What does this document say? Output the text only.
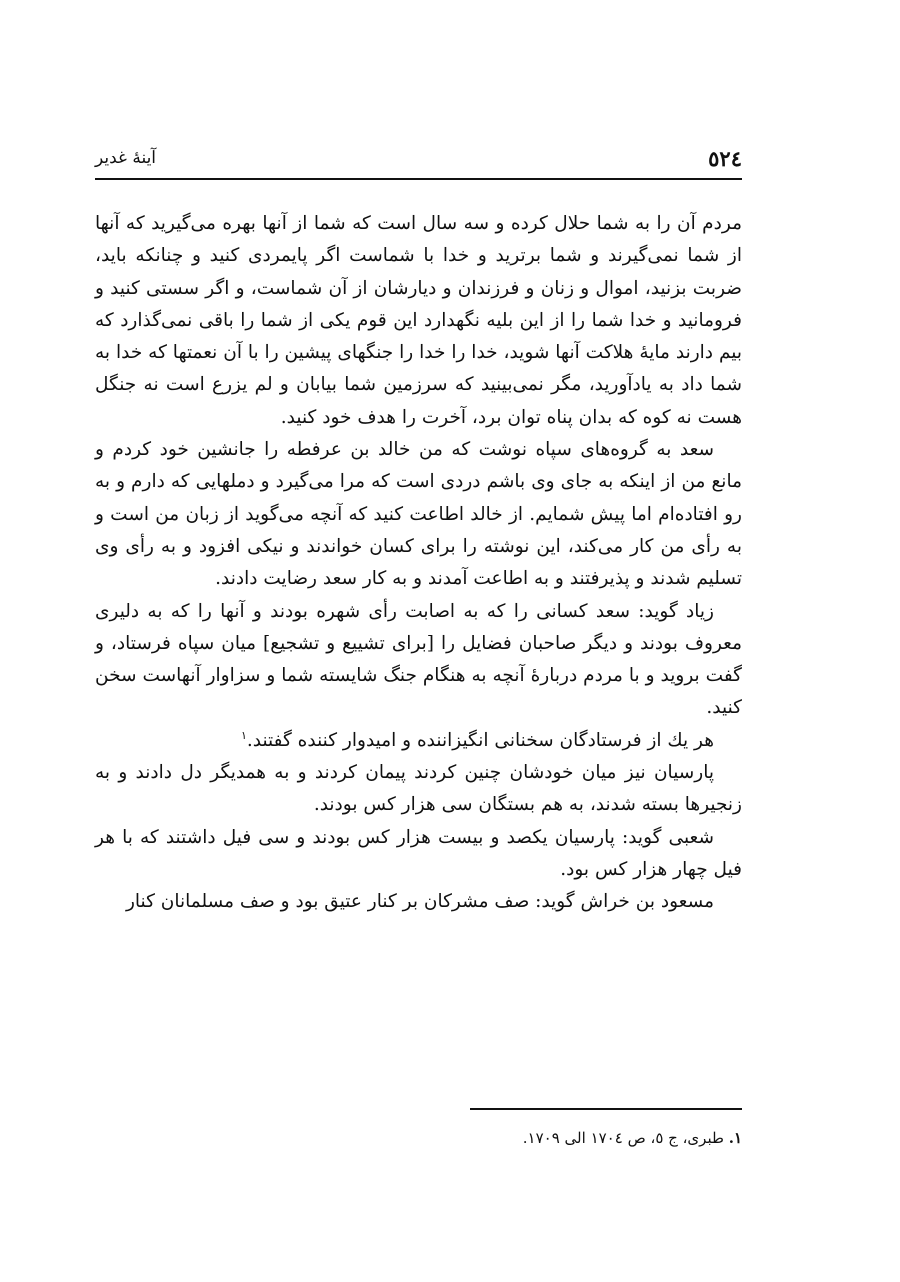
٥٢٤
آينهٔ غدير

مردم آن را به شما حلال كرده و سه سال است كه شما از آنها بهره مى‌گيريد كه آنها از شما نمى‌گيرند و شما برتريد و خدا با شماست اگر پايمردى كنيد و چنانكه بايد، ضربت بزنيد، اموال و زنان و فرزندان و ديارشان از آن شماست، و اگر سستى كنيد و فرومانيد و خدا شما را از اين بليه نگهدارد اين قوم يكى از شما را باقى نمى‌گذارد كه بيم دارند مايهٔ هلاكت آنها شويد، خدا را خدا را جنگهاى پيشين را با آن نعمتها كه خدا به شما داد به يادآوريد، مگر نمى‌بينيد كه سرزمين شما بيابان و لم يزرع است نه جنگل هست نه كوه كه بدان پناه توان برد، آخرت را هدف خود كنيد.

سعد به گروه‌هاى سپاه نوشت كه من خالد بن عرفطه را جانشين خود كردم و مانع من از اينكه به جاى وى باشم دردى است كه مرا مى‌گيرد و دملهايى كه دارم و به رو افتاده‌ام اما پيش شمايم. از خالد اطاعت كنيد كه آنچه مى‌گويد از زبان من است و به رأى من كار مى‌كند، اين نوشته را براى كسان خواندند و نيكى افزود و به رأى وى تسليم شدند و پذيرفتند و به اطاعت آمدند و به كار سعد رضايت دادند.

زياد گويد: سعد كسانى را كه به اصابت رأى شهره بودند و آنها را كه به دليرى معروف بودند و ديگر صاحبان فضايل را [براى تشييع و تشجيع] ميان سپاه فرستاد، و گفت برويد و با مردم دربارهٔ آنچه به هنگام جنگ شايسته شما و سزاوار آنهاست سخن كنيد.

هر يك از فرستادگان سخنانى انگيزاننده و اميدوار كننده گفتند.$^١$

پارسيان نيز ميان خودشان چنين كردند پيمان كردند و به همديگر دل دادند و به زنجيرها بسته شدند، به هم بستگان سى هزار كس بودند.

شعبى گويد: پارسيان يكصد و بيست هزار كس بودند و سى فيل داشتند كه با هر فيل چهار هزار كس بود.

مسعود بن خراش گويد: صف مشركان بر كنار عتيق بود و صف مسلمانان كنار

١. طبرى، ج ٥، ص ١٧٠٤ الى ١٧٠٩.
